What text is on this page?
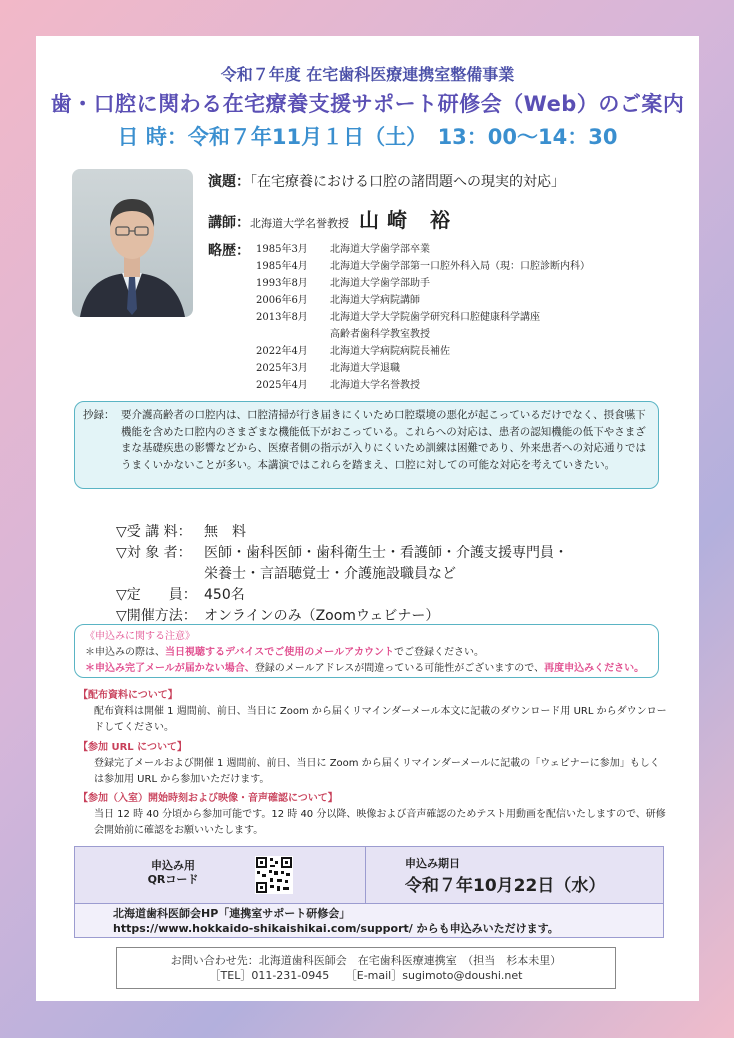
令和７年度 在宅歯科医療連携室整備事業
歯・口腔に関わる在宅療養支援サポート研修会（Web）のご案内
日 時：令和７年11月１日（土）　13：00〜14：30
演題：「在宅療養における口腔の諸問題への現実的対応」
講師：北海道大学名誉教授 山崎 裕
略歴： 1985年3月	北海道大学歯学部卒業
1985年4月	北海道大学歯学部第一口腔外科入局（現：口腔診断内科）
1993年8月	北海道大学歯学部助手
2006年6月	北海道大学病院講師
2013年8月	北海道大学大学院歯学研究科口腔健康科学講座
高齢者歯科学教室教授
2022年4月	北海道大学病院病院長補佐
2025年3月	北海道大学退職
2025年4月	北海道大学名誉教授
抄録： 要介護高齢者の口腔内は、口腔清掃が行き届きにくいため口腔環境の悪化が起こっているだけでなく、摂食嚥下機能を含めた口腔内のさまざまな機能低下がおこっている。これらへの対応は、患者の認知機能の低下やさまざまな基礎疾患の影響などから、医療者側の指示が入りにくいため訓練は困難であり、外来患者への対応通りではうまくいかないことが多い。本講演ではこれらを踏まえ、口腔に対しての可能な対応を考えていきたい。
▽受 講 料： 無　料
▽対 象 者： 医師・歯科医師・歯科衛生士・看護師・介護支援専門員・
栄養士・言語聴覚士・介護施設職員など
▽定　　員： 450名
▽開催方法： オンラインのみ（Zoomウェビナー）
《申込みに関する注意》
＊申込みの際は、当日視聴するデバイスでご使用のメールアカウントでご登録ください。
＊申込み完了メールが届かない場合、登録のメールアドレスが間違っている可能性がございますので、再度申込みください。
【配布資料について】
配布資料は開催 1 週間前、前日、当日に Zoom から届くリマインダーメール本文に記載のダウンロード用 URL からダウンロードしてください。
【参加 URL について】
登録完了メールおよび開催 1 週間前、前日、当日に Zoom から届くリマインダーメールに記載の「ウェビナーに参加」もしくは参加用 URL から参加いただけます。
【参加（入室）開始時刻および映像・音声確認について】
当日 12 時 40 分頃から参加可能です。12 時 40 分以降、映像および音声確認のためテスト用動画を配信いたしますので、研修会開始前に確認をお願いいたします。
申込み用
QRコード
申込み期日
令和７年10月22日（水）
北海道歯科医師会HP「連携室サポート研修会」
https://www.hokkaido-shikaishikai.com/support/ からも申込みいただけます。
お問い合わせ先：北海道歯科医師会　在宅歯科医療連携室　（担当　杉本未里）
［TEL］011-231-0945　　［E-mail］sugimoto@doushi.net
